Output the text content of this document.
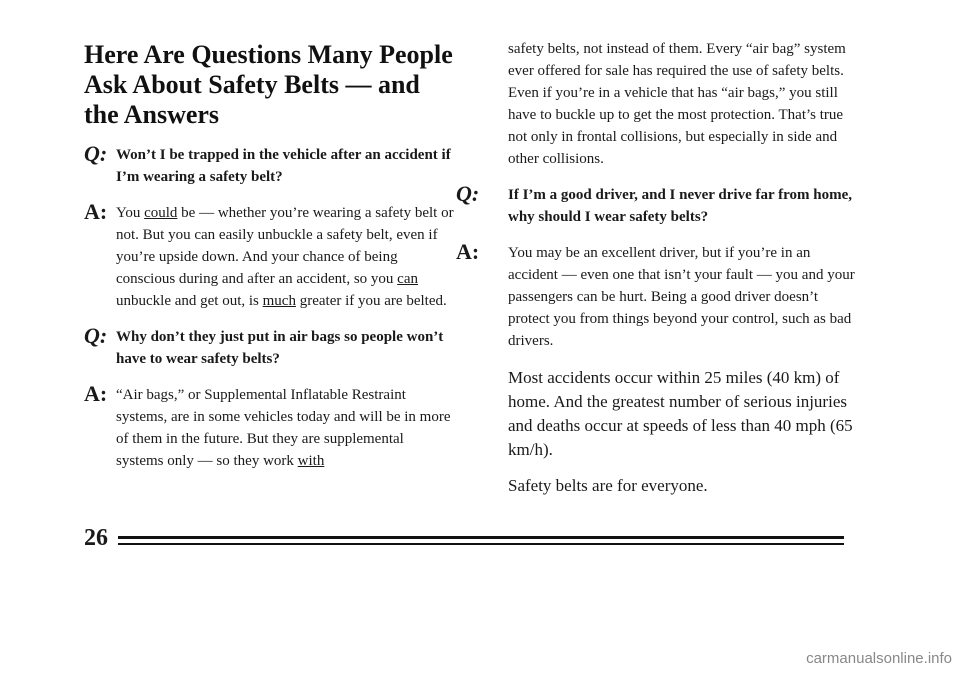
Here Are Questions Many People Ask About Safety Belts — and the Answers
Q: Won’t I be trapped in the vehicle after an accident if I’m wearing a safety belt?
A: You could be — whether you’re wearing a safety belt or not. But you can easily unbuckle a safety belt, even if you’re upside down. And your chance of being conscious during and after an accident, so you can unbuckle and get out, is much greater if you are belted.
Q: Why don’t they just put in air bags so people won’t have to wear safety belts?
A: “Air bags,” or Supplemental Inflatable Restraint systems, are in some vehicles today and will be in more of them in the future. But they are supplemental systems only — so they work with
safety belts, not instead of them. Every “air bag” system ever offered for sale has required the use of safety belts. Even if you’re in a vehicle that has “air bags,” you still have to buckle up to get the most protection. That’s true not only in frontal collisions, but especially in side and other collisions.
Q: If I’m a good driver, and I never drive far from home, why should I wear safety belts?
A: You may be an excellent driver, but if you’re in an accident — even one that isn’t your fault — you and your passengers can be hurt. Being a good driver doesn’t protect you from things beyond your control, such as bad drivers.
Most accidents occur within 25 miles (40 km) of home. And the greatest number of serious injuries and deaths occur at speeds of less than 40 mph (65 km/h).
Safety belts are for everyone.
26
carmanualsonline.info
